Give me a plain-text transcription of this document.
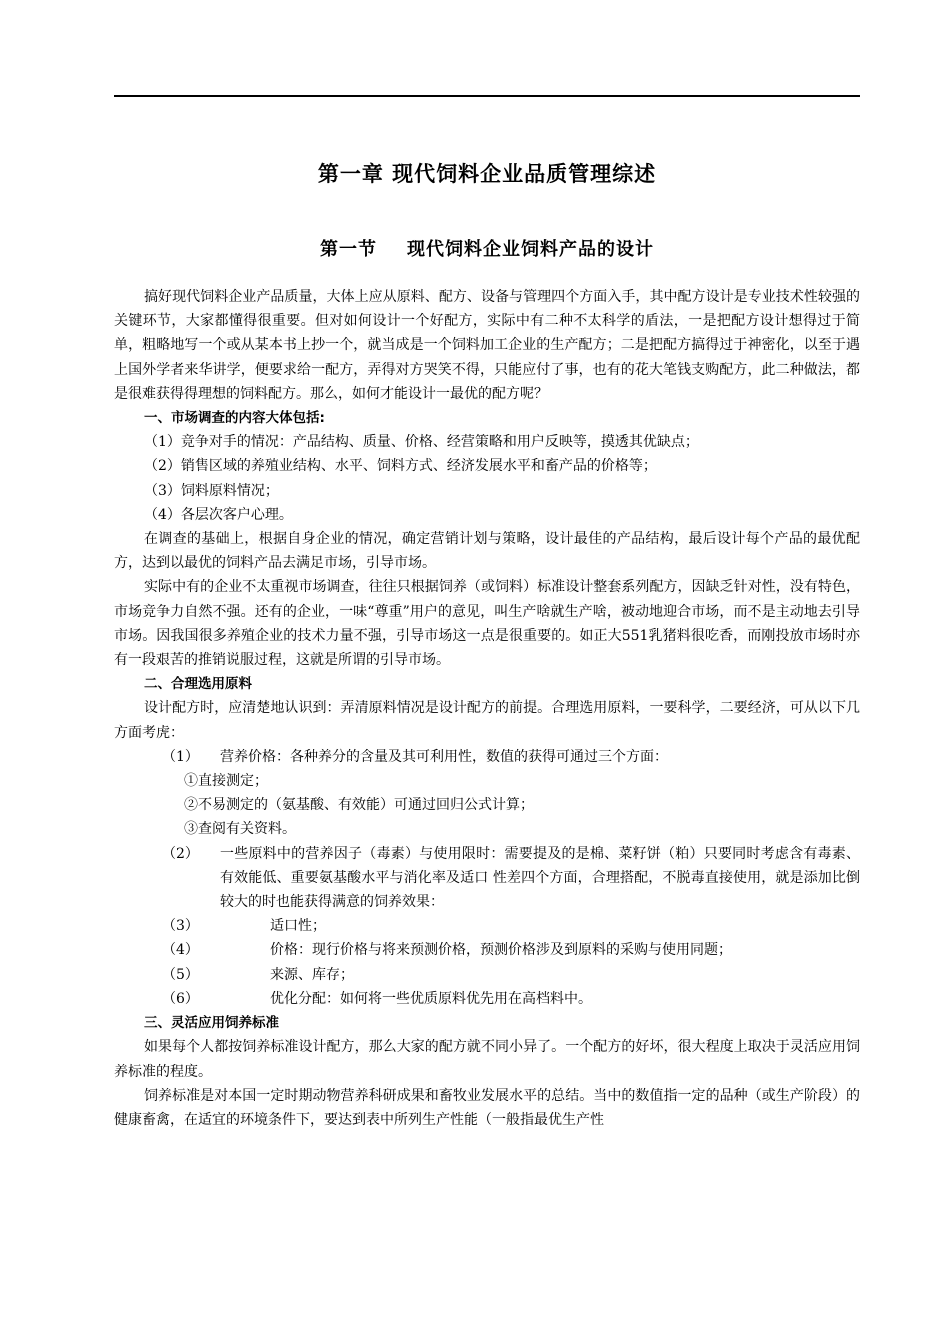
第一章 现代饲料企业品质管理综述
第一节 现代饲料企业饲料产品的设计

搞好现代饲料企业产品质量，大体上应从原料、配方、设备与管理四个方面入手，其中配方设计是专业技术性较强的关键环节，大家都懂得很重要。但对如何设计一个好配方，实际中有二种不太科学的盾法，一是把配方设计想得过于简单，粗略地写一个或从某本书上抄一个，就当成是一个饲料加工企业的生产配方；二是把配方搞得过于神密化，以至于遇上国外学者来华讲学，便要求给一配方，弄得对方哭笑不得，只能应付了事，也有的花大笔钱支购配方，此二种做法，都是很难获得得理想的饲料配方。那么，如何才能设计一最优的配方呢？

一、市场调查的内容大体包括:

（1）竞争对手的情况：产品结构、质量、价格、经营策略和用户反映等，摸透其优缺点；

（2）销售区域的养殖业结构、水平、饲料方式、经济发展水平和畜产品的价格等；

（3）饲料原料情况；

（4）各层次客户心理。

在调查的基础上，根据自身企业的情况，确定营销计划与策略，设计最佳的产品结构，最后设计每个产品的最优配方，达到以最优的饲料产品去满足市场，引导市场。

实际中有的企业不太重视市场调查，往往只根据饲养（或饲料）标准设计整套系列配方，因缺乏针对性，没有特色，市场竞争力自然不强。还有的企业，一味“尊重”用户的意见，叫生产啥就生产啥，被动地迎合市场，而不是主动地去引导市场。因我国很多养殖企业的技术力量不强，引导市场这一点是很重要的。如正大551乳猪料很吃香，而刚投放市场时亦有一段艰苦的推销说服过程，这就是所谓的引导市场。

二、合理选用原料

设计配方时，应清楚地认识到：弄清原料情况是设计配方的前提。合理选用原料，一要科学，二要经济，可从以下几方面考虎：

（1）	营养价格：各种养分的含量及其可利用性，数值的获得可通过三个方面：

①直接测定；

②不易测定的（氨基酸、有效能）可通过回归公式计算；

③查阅有关资料。

（2）	一些原料中的营养因子（毒素）与使用限时：需要提及的是棉、菜籽饼（粕）只要同时考虑含有毒素、有效能低、重要氨基酸水平与消化率及适口 性差四个方面，合理搭配，不脱毒直接使用，就是添加比倒较大的时也能获得满意的饲养效果：
（3）	适口性；
（4）	价格：现行价格与将来预测价格，预测价格涉及到原料的采购与使用同题；
（5）	来源、库存；
（6）	优化分配：如何将一些优质原料优先用在高档料中。

三、灵活应用饲养标准

如果每个人都按饲养标准设计配方，那么大家的配方就不同小异了。一个配方的好坏，很大程度上取决于灵活应用饲养标准的程度。

饲养标准是对本国一定时期动物营养科研成果和畜牧业发展水平的总结。当中的数值指一定的品种（或生产阶段）的健康畜禽，在适宜的环境条件下，要达到表中所列生产性能（一般指最优生产性
